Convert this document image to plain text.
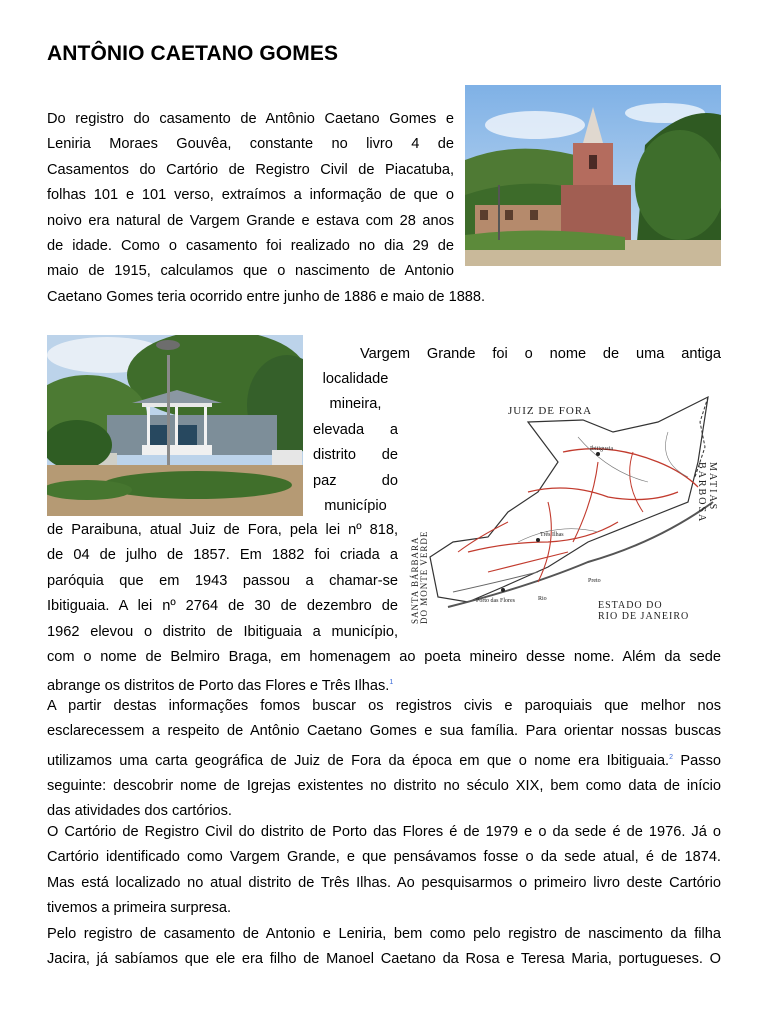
ANTÔNIO CAETANO GOMES
Do registro do casamento de Antônio Caetano Gomes e
Leniria Moraes Gouvêa, constante no livro 4 de
Casamentos do Cartório de Registro Civil de Piacatuba,
folhas 101 e 101 verso, extraímos a informação de que o
noivo era natural de Vargem Grande e estava com 28 anos
de idade. Como o casamento foi realizado no dia 29 de
maio de 1915, calculamos que o nascimento de Antonio
Caetano Gomes teria ocorrido entre junho de 1886 e maio de 1888.
Vargem Grande foi o nome de uma antiga
localidade
mineira,
elevada a
distrito de
paz do
município
de Paraibuna, atual Juiz de Fora, pela lei nº 818,
de 04 de julho de 1857. Em 1882 foi criada a
paróquia que em 1943 passou a chamar-se
Ibitiguaia. A lei nº 2764 de 30 de dezembro de
1962 elevou o distrito de Ibitiguaia a município,
JUIZ DE FORA
Ibitiguaia
Três Ilhas
Porto das Flores	Rio
Preto
ESTADO DO
RIO DE JANEIRO
MATIAS
BARBOSA
SANTA BÁRBARA DO MONTE VERDE
com o nome de Belmiro Braga, em homenagem ao poeta mineiro desse nome. Além da sede
abrange os distritos de Porto das Flores e Três Ilhas.$^1$
A partir destas informações fomos buscar os registros civis e paroquiais que melhor nos
esclarecessem a respeito de Antônio Caetano Gomes e sua família. Para orientar nossas buscas
utilizamos uma carta geográfica de Juiz de Fora da época em que o nome era Ibitiguaia.$^2$ Passo
seguinte: descobrir nome de Igrejas existentes no distrito no século XIX, bem como data de início
das atividades dos cartórios.
O Cartório de Registro Civil do distrito de Porto das Flores é de 1979 e o da sede é de 1976. Já o
Cartório identificado como Vargem Grande, e que pensávamos fosse o da sede atual, é de 1874.
Mas está localizado no atual distrito de Três Ilhas. Ao pesquisarmos o primeiro livro deste Cartório
tivemos a primeira surpresa.
Pelo registro de casamento de Antonio e Leniria, bem como pelo registro de nascimento da filha
Jacira, já sabíamos que ele era filho de Manoel Caetano da Rosa e Teresa Maria, portugueses. O
